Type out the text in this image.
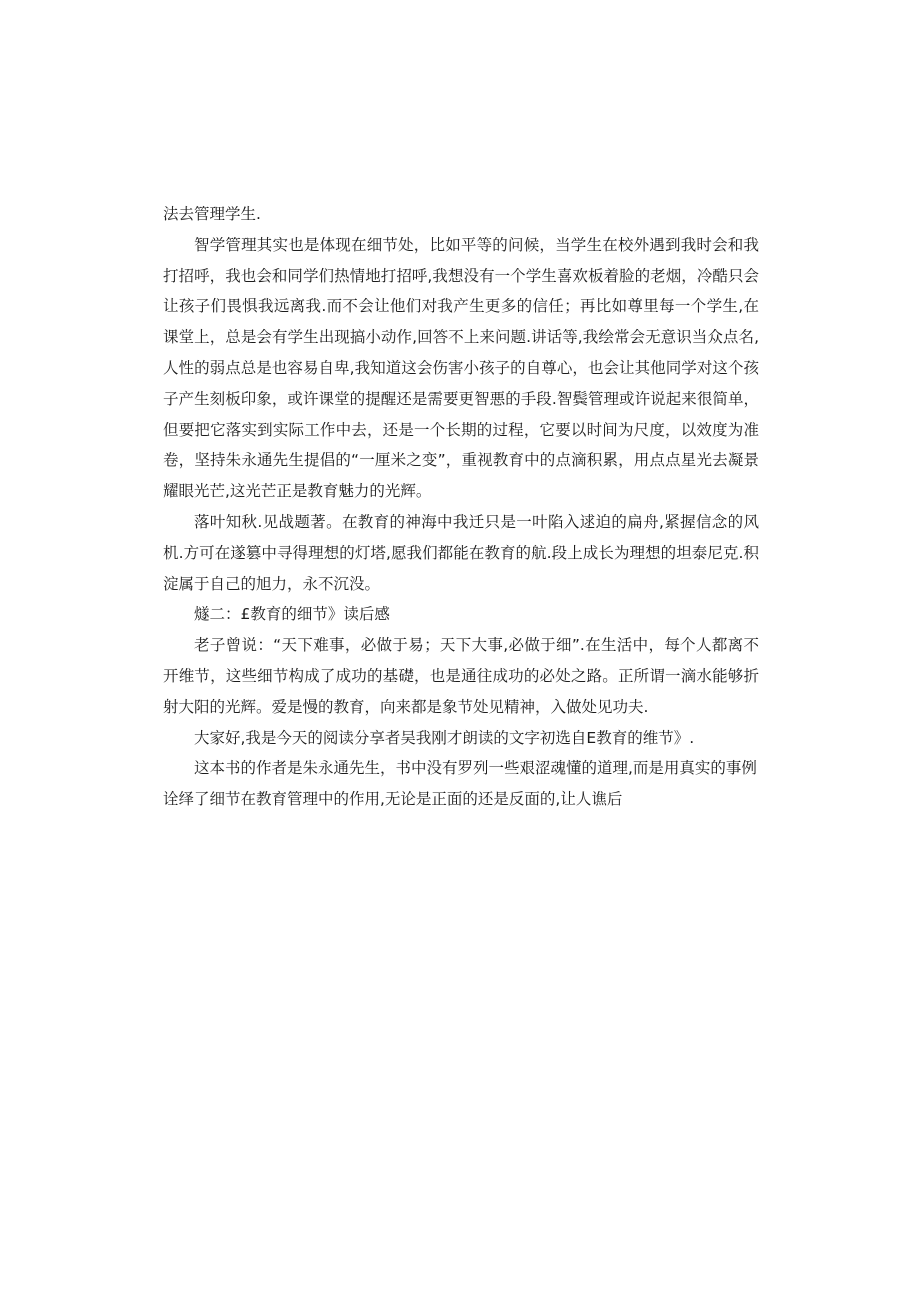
法去管理学生.

智学管理其实也是体现在细节处，比如平等的问候，当学生在校外遇到我时会和我打招呼，我也会和同学们热情地打招呼,我想没有一个学生喜欢板着脸的老烟，冷酷只会让孩子们畏惧我远离我.而不会让他们对我产生更多的信任；再比如尊里每一个学生,在课堂上，总是会有学生出现搞小动作,回答不上来问题.讲话等,我绘常会无意识当众点名,人性的弱点总是也容易自卑,我知道这会伤害小孩子的自尊心，也会让其他同学对这个孩子产生刻板印象，或许课堂的提醒还是需要更智悪的手段.智鬓管理或许说起来很简单，但要把它落实到实际工作中去，还是一个长期的过程，它要以时间为尺度，以效度为准卷，坚持朱永通先生提倡的“一厘米之变”，重视教育中的点滴积累，用点点星光去凝景耀眼光芒,这光芒正是教育魅力的光辉。

落叶知秋.见战题著。在教育的神海中我迁只是一叶陷入逑迫的扁舟,紧握信念的风机.方可在遂篡中寻得理想的灯塔,愿我们都能在教育的航.段上成长为理想的坦泰尼克.积淀属于自己的旭力，永不沉没。

燧二：£教育的细节》读后感

老子曾说：“天下难事，必做于易；天下大事,必做于细”.在生活中，每个人都离不开维节，这些细节构成了成功的基礎，也是通往成功的必处之路。正所谓一滴水能够折射大阳的光辉。爱是慢的教育，向来都是象节处见精神，入做处见功夫.

大家好,我是今天的阅读分享者吴我刚才朗读的文字初选自E教育的维节》.

这本书的作者是朱永通先生，书中没有罗列一些艰涩魂懂的道理,而是用真实的事例诠绎了细节在教育管理中的作用,无论是正面的还是反面的,让人谯后
